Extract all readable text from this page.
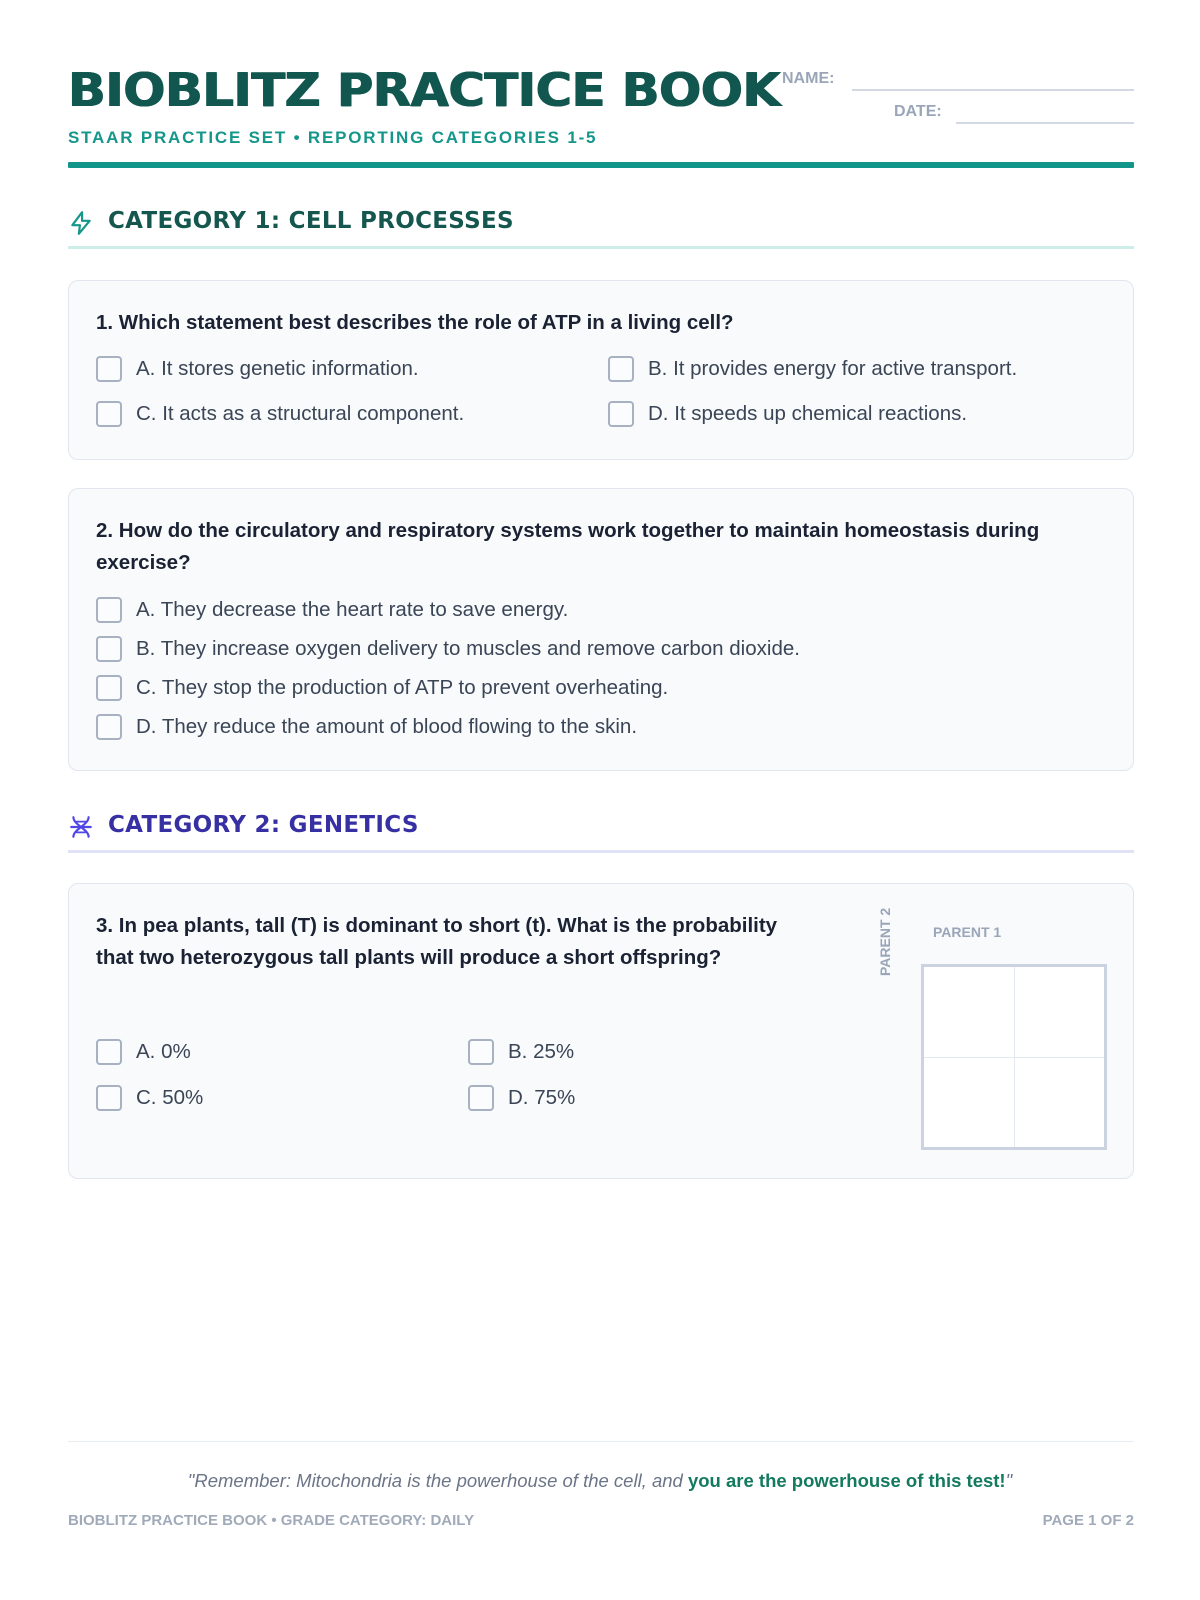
BIOBLITZ PRACTICE BOOK
STAAR PRACTICE SET • REPORTING CATEGORIES 1-5
NAME:
DATE:
CATEGORY 1: CELL PROCESSES
1. Which statement best describes the role of ATP in a living cell?
A. It stores genetic information.	B. It provides energy for active transport.
C. It acts as a structural component.	D. It speeds up chemical reactions.
2. How do the circulatory and respiratory systems work together to maintain homeostasis during exercise?
A. They decrease the heart rate to save energy.
B. They increase oxygen delivery to muscles and remove carbon dioxide.
C. They stop the production of ATP to prevent overheating.
D. They reduce the amount of blood flowing to the skin.
CATEGORY 2: GENETICS
3. In pea plants, tall (T) is dominant to short (t). What is the probability that two heterozygous tall plants will produce a short offspring?
A. 0%	B. 25%
C. 50%	D. 75%
PARENT 2	PARENT 1
"Remember: Mitochondria is the powerhouse of the cell, and you are the powerhouse of this test!"
BIOBLITZ PRACTICE BOOK • GRADE CATEGORY: DAILY	PAGE 1 OF 2
